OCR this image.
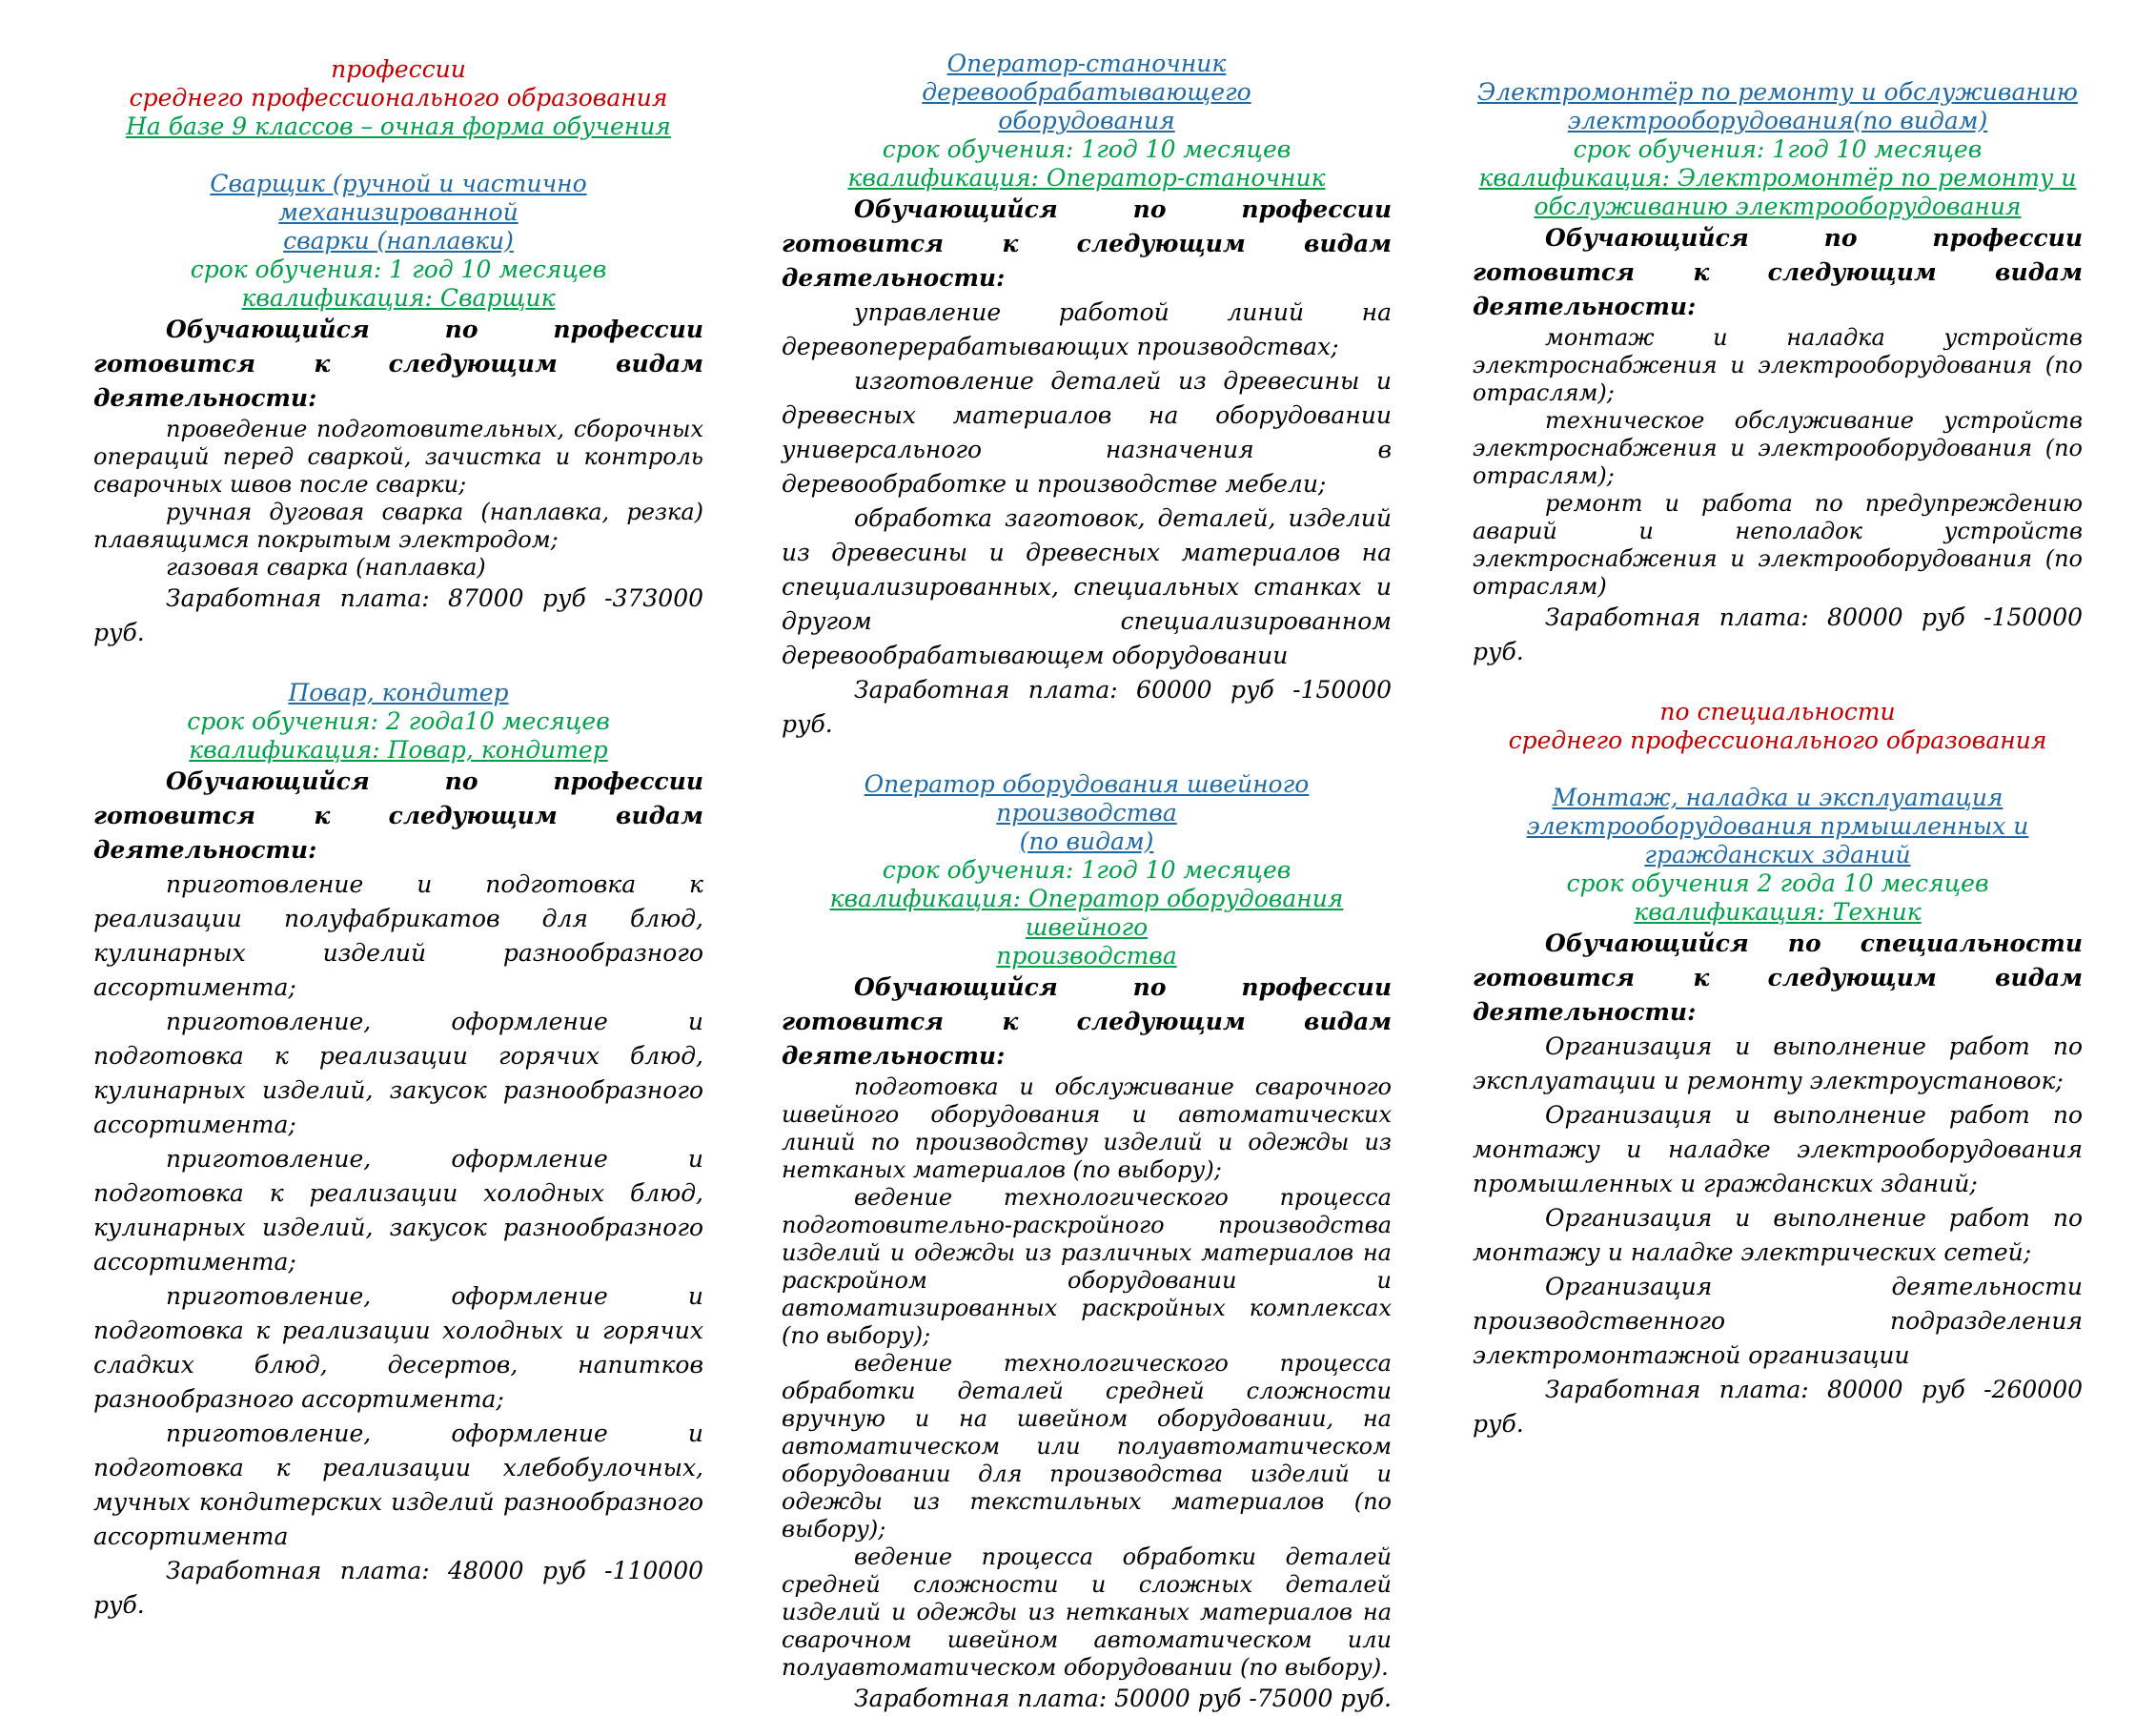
профессии

среднего профессионального образования

На базе 9 классов – очная форма обучения

Сварщик (ручной и частично механизированной

сварки (наплавки)

срок обучения: 1 год 10 месяцев

квалификация: Сварщик

Обучающийся по профессии готовится к следующим видам деятельности:

проведение подготовительных, сборочных операций перед сваркой, зачистка и контроль сварочных швов после сварки;

ручная дуговая сварка (наплавка, резка) плавящимся покрытым электродом;

газовая сварка (наплавка)

Заработная плата: 87000 руб -373000 руб.

Повар, кондитер

срок обучения: 2 года10 месяцев

квалификация: Повар, кондитер

Обучающийся по профессии готовится к следующим видам деятельности:

приготовление и подготовка к реализации полуфабрикатов для блюд, кулинарных изделий разнообразного ассортимента;

приготовление, оформление и подготовка к реализации горячих блюд, кулинарных изделий, закусок разнообразного ассортимента;

приготовление, оформление и подготовка к реализации холодных блюд, кулинарных изделий, закусок разнообразного ассортимента;

приготовление, оформление и подготовка к реализации холодных и горячих сладких блюд, десертов, напитков разнообразного ассортимента;

приготовление, оформление и подготовка к реализации хлебобулочных, мучных кондитерских изделий разнообразного ассортимента

Заработная плата: 48000 руб -110000 руб.

Оператор-станочник деревообрабатывающего

оборудования

срок обучения: 1год 10 месяцев

квалификация: Оператор-станочник

Обучающийся по профессии готовится к следующим видам деятельности:

управление работой линий на деревоперерабатывающих производствах;

изготовление деталей из древесины и древесных материалов на оборудовании универсального назначения в деревообработке и производстве мебели;

обработка заготовок, деталей, изделий из древесины и древесных материалов на специализированных, специальных станках и другом специализированном деревообрабатывающем оборудовании

Заработная плата: 60000 руб -150000 руб.

Оператор оборудования швейного производства

(по видам)

срок обучения: 1год 10 месяцев

квалификация: Оператор оборудования швейного

производства

Обучающийся по профессии готовится к следующим видам деятельности:

подготовка и обслуживание сварочного швейного оборудования и автоматических линий по производству изделий и одежды из нетканых материалов (по выбору);

ведение технологического процесса подготовительно-раскройного производства изделий и одежды из различных материалов на раскройном оборудовании и автоматизированных раскройных комплексах (по выбору);

ведение технологического процесса обработки деталей средней сложности вручную и на швейном оборудовании, на автоматическом или полуавтоматическом оборудовании для производства изделий и одежды из текстильных материалов (по выбору);

ведение процесса обработки деталей средней сложности и сложных деталей изделий и одежды из нетканых материалов на сварочном швейном автоматическом или полуавтоматическом оборудовании (по выбору).

Заработная плата: 50000 руб -75000 руб.

Электромонтёр по ремонту и обслуживанию

электрооборудования(по видам)

срок обучения: 1год 10 месяцев

квалификация: Электромонтёр по ремонту и

обслуживанию электрооборудования

Обучающийся по профессии готовится к следующим видам деятельности:

монтаж и наладка устройств электроснабжения и электрооборудования (по отраслям);

техническое обслуживание устройств электроснабжения и электрооборудования (по отраслям);

ремонт и работа по предупреждению аварий и неполадок устройств электроснабжения и электрооборудования (по отраслям)

Заработная плата: 80000 руб -150000 руб.

по специальности

среднего профессионального образования

Монтаж, наладка и эксплуатация

электрооборудования прмышленных и

гражданских зданий

срок обучения 2 года 10 месяцев

квалификация: Техник

Обучающийся по специальности готовится к следующим видам деятельности:

Организация и выполнение работ по эксплуатации и ремонту электроустановок;

Организация и выполнение работ по монтажу и наладке электрооборудования промышленных и гражданских зданий;

Организация и выполнение работ по монтажу и наладке электрических сетей;

Организация деятельности производственного подразделения электромонтажной организации

Заработная плата: 80000 руб -260000 руб.
